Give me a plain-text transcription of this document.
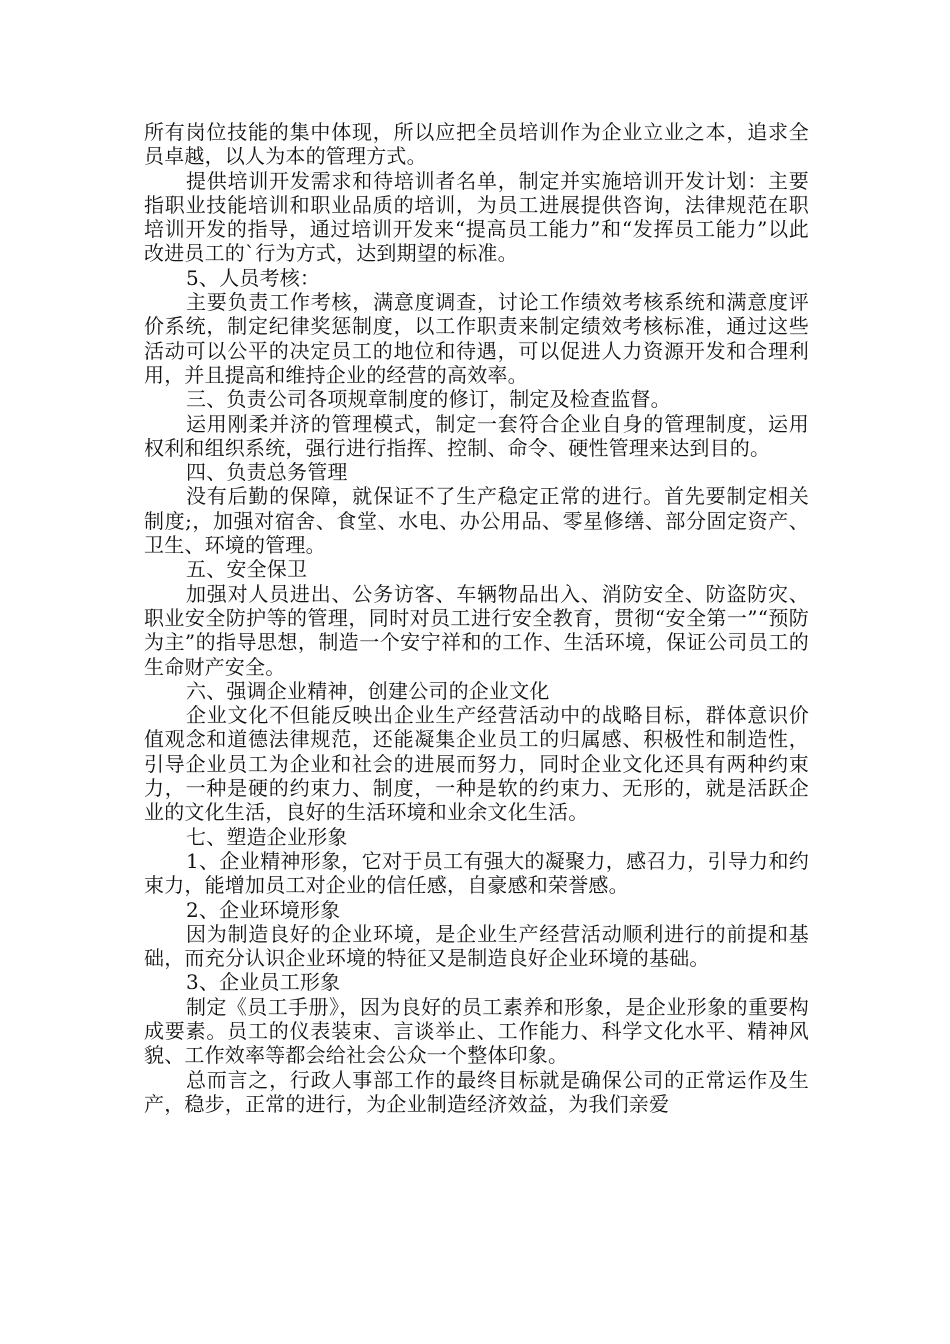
所有岗位技能的集中体现，所以应把全员培训作为企业立业之本，追求全员卓越，以人为本的管理方式。

提供培训开发需求和待培训者名单，制定并实施培训开发计划：主要指职业技能培训和职业品质的培训，为员工进展提供咨询，法律规范在职培训开发的指导，通过培训开发来“提高员工能力”和“发挥员工能力”以此改进员工的`行为方式，达到期望的标准。

5、人员考核：

主要负责工作考核，满意度调查，讨论工作绩效考核系统和满意度评价系统，制定纪律奖惩制度，以工作职责来制定绩效考核标准，通过这些活动可以公平的决定员工的地位和待遇，可以促进人力资源开发和合理利用，并且提高和维持企业的经营的高效率。

三、负责公司各项规章制度的修订，制定及检查监督。

运用刚柔并济的管理模式，制定一套符合企业自身的管理制度，运用权利和组织系统，强行进行指挥、控制、命令、硬性管理来达到目的。

四、负责总务管理

没有后勤的保障，就保证不了生产稳定正常的进行。首先要制定相关制度;，加强对宿舍、食堂、水电、办公用品、零星修缮、部分固定资产、卫生、环境的管理。

五、安全保卫

加强对人员进出、公务访客、车辆物品出入、消防安全、防盗防灾、职业安全防护等的管理，同时对员工进行安全教育，贯彻“安全第一”“预防为主”的指导思想，制造一个安宁祥和的工作、生活环境，保证公司员工的生命财产安全。

六、强调企业精神，创建公司的企业文化

企业文化不但能反映出企业生产经营活动中的战略目标，群体意识价值观念和道德法律规范，还能凝集企业员工的归属感、积极性和制造性，引导企业员工为企业和社会的进展而努力，同时企业文化还具有两种约束力，一种是硬的约束力、制度，一种是软的约束力、无形的，就是活跃企业的文化生活，良好的生活环境和业余文化生活。

七、塑造企业形象

1、企业精神形象，它对于员工有强大的凝聚力，感召力，引导力和约束力，能增加员工对企业的信任感，自豪感和荣誉感。

2、企业环境形象

因为制造良好的企业环境，是企业生产经营活动顺利进行的前提和基础，而充分认识企业环境的特征又是制造良好企业环境的基础。

3、企业员工形象

制定《员工手册》，因为良好的员工素养和形象，是企业形象的重要构成要素。员工的仪表装束、言谈举止、工作能力、科学文化水平、精神风貌、工作效率等都会给社会公众一个整体印象。

总而言之，行政人事部工作的最终目标就是确保公司的正常运作及生产，稳步，正常的进行，为企业制造经济效益，为我们亲爱
